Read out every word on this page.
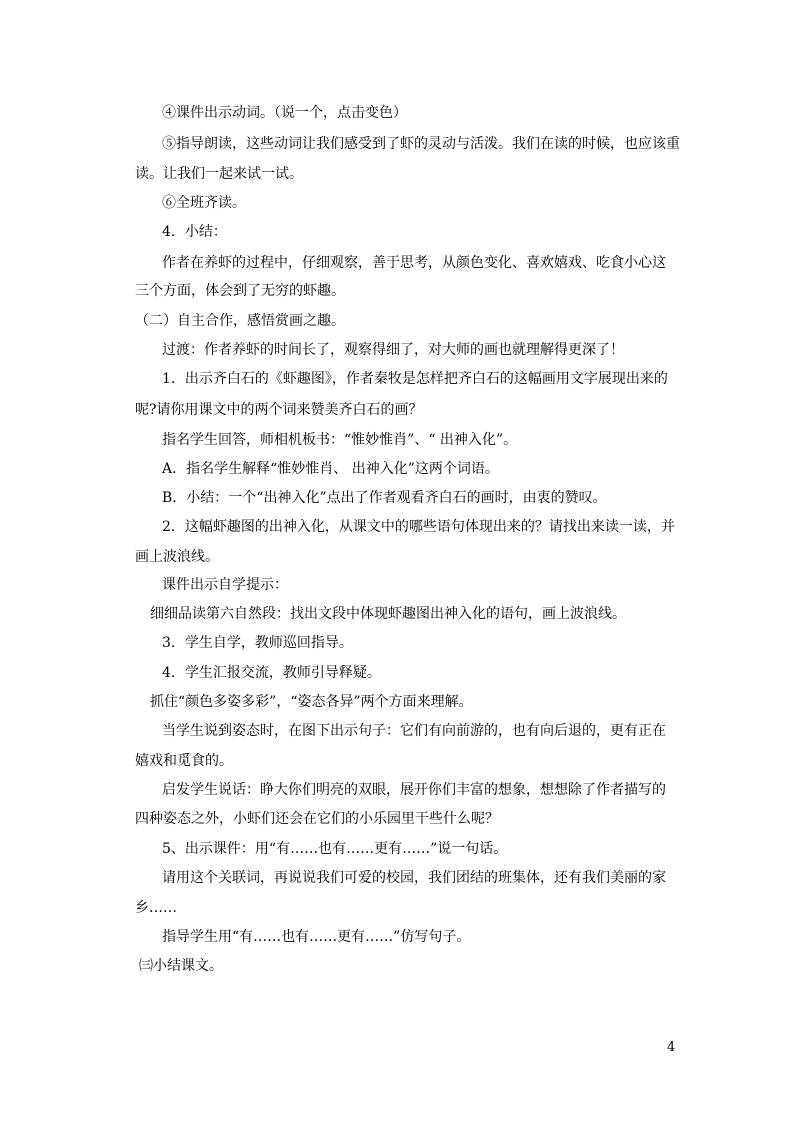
④课件出示动词。（说一个，点击变色）
⑤指导朗读，这些动词让我们感受到了虾的灵动与活泼。我们在读的时候，也应该重
读。让我们一起来试一试。
⑥全班齐读。
4．小结：
作者在养虾的过程中，仔细观察，善于思考，从颜色变化、喜欢嬉戏、吃食小心这
三个方面，体会到了无穷的虾趣。
（二）自主合作，感悟赏画之趣。
过渡：作者养虾的时间长了，观察得细了，对大师的画也就理解得更深了！
1．出示齐白石的《虾趣图》，作者秦牧是怎样把齐白石的这幅画用文字展现出来的
呢?请你用课文中的两个词来赞美齐白石的画？
指名学生回答，师相机板书：“惟妙惟肖”、“ 出神入化”。
A．指名学生解释“惟妙惟肖、 出神入化”这两个词语。
B．小结：一个“出神入化”点出了作者观看齐白石的画时，由衷的赞叹。
2．这幅虾趣图的出神入化，从课文中的哪些语句体现出来的？请找出来读一读，并
画上波浪线。
课件出示自学提示：
细细品读第六自然段：找出文段中体现虾趣图出神入化的语句，画上波浪线。
3．学生自学，教师巡回指导。
4．学生汇报交流，教师引导释疑。
抓住“颜色多姿多彩”，“姿态各异”两个方面来理解。
当学生说到姿态时，在图下出示句子：它们有向前游的，也有向后退的，更有正在
嬉戏和觅食的。
启发学生说话：睁大你们明亮的双眼，展开你们丰富的想象，想想除了作者描写的
四种姿态之外，小虾们还会在它们的小乐园里干些什么呢？
5、出示课件：用“有……也有……更有……”说一句话。
请用这个关联词，再说说我们可爱的校园，我们团结的班集体，还有我们美丽的家
乡……
指导学生用“有……也有……更有……”仿写句子。
㈢小结课文。
4
